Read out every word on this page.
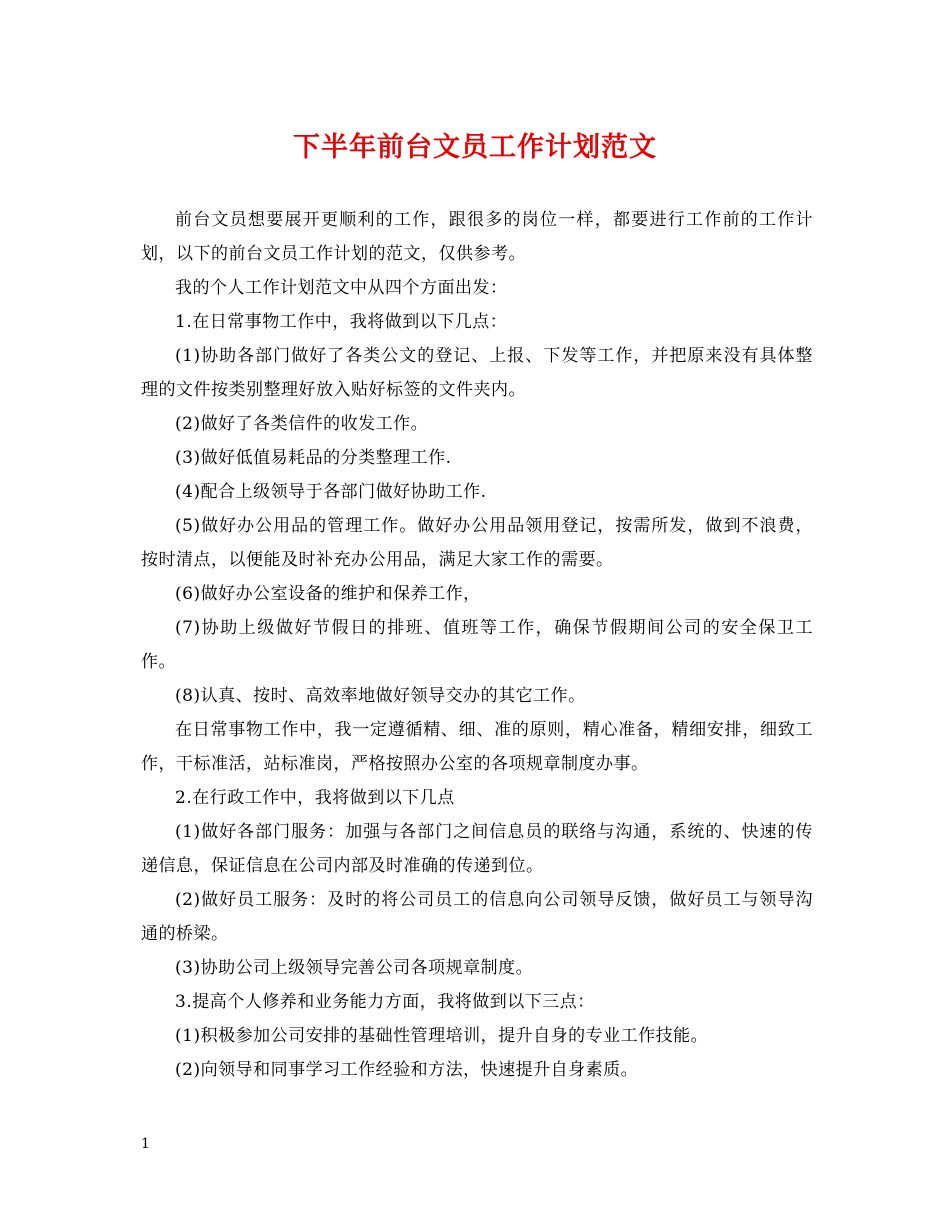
下半年前台文员工作计划范文

前台文员想要展开更顺利的工作，跟很多的岗位一样，都要进行工作前的工作计划，以下的前台文员工作计划的范文，仅供参考。

我的个人工作计划范文中从四个方面出发：

1.在日常事物工作中，我将做到以下几点：

(1)协助各部门做好了各类公文的登记、上报、下发等工作，并把原来没有具体整理的文件按类别整理好放入贴好标签的文件夹内。

(2)做好了各类信件的收发工作。

(3)做好低值易耗品的分类整理工作.

(4)配合上级领导于各部门做好协助工作.

(5)做好办公用品的管理工作。做好办公用品领用登记，按需所发，做到不浪费，按时清点，以便能及时补充办公用品，满足大家工作的需要。

(6)做好办公室设备的维护和保养工作，

(7)协助上级做好节假日的排班、值班等工作，确保节假期间公司的安全保卫工作。

(8)认真、按时、高效率地做好领导交办的其它工作。

在日常事物工作中，我一定遵循精、细、准的原则，精心准备，精细安排，细致工作，干标准活，站标准岗，严格按照办公室的各项规章制度办事。

2.在行政工作中，我将做到以下几点

(1)做好各部门服务：加强与各部门之间信息员的联络与沟通，系统的、快速的传递信息，保证信息在公司内部及时准确的传递到位。

(2)做好员工服务：及时的将公司员工的信息向公司领导反馈，做好员工与领导沟通的桥梁。

(3)协助公司上级领导完善公司各项规章制度。

3.提高个人修养和业务能力方面，我将做到以下三点：

(1)积极参加公司安排的基础性管理培训，提升自身的专业工作技能。

(2)向领导和同事学习工作经验和方法，快速提升自身素质。

1
